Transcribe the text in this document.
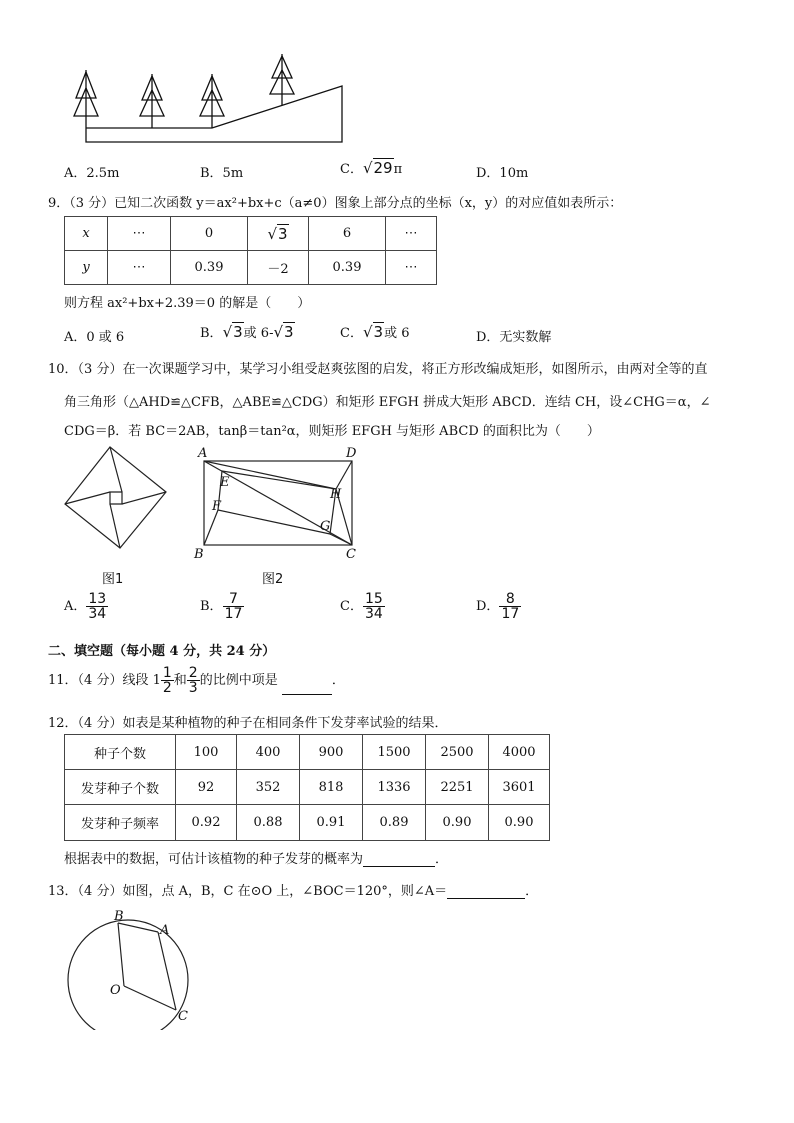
A．2.5m	B．5m	C．√29π	D．10m
9．（3 分）已知二次函数 y＝ax²+bx+c（a≠0）图象上部分点的坐标（x，y）的对应值如表所示：
x	⋯	0	√3	6	⋯
y	⋯	0.39	－2	0.39	⋯
则方程 ax²+bx+2.39＝0 的解是（　　）
A．0 或 6	B．√3或 6-√3	C．√3或 6	D．无实数解
10．（3 分）在一次课题学习中，某学习小组受赵爽弦图的启发，将正方形改编成矩形，如图所示，由两对全等的直
角三角形（△AHD≌△CFB，△ABE≌△CDG）和矩形 EFGH 拼成大矩形 ABCD．连结 CH，设∠CHG＝α，∠
CDG＝β．若 BC＝2AB，tanβ＝tan²α，则矩形 EFGH 与矩形 ABCD 的面积比为（　　）
A	D
E
H
F
G
B	C
图1	图2
A． $\frac{13}{34}$	B． $\frac{7}{17}$	C． $\frac{15}{34}$	D． $\frac{8}{17}$
二、填空题（每小题 4 分，共 24 分）
11．（4 分）线段 $1 \frac{1}{2}$ 和 $\frac{2}{3}$ 的比例中项是	．
12．（4 分）如表是某种植物的种子在相同条件下发芽率试验的结果．
种子个数	100	400	900	1500	2500	4000
发芽种子个数	92	352	818	1336	2251	3601
发芽种子频率	0.92	0.88	0.91	0.89	0.90	0.90
根据表中的数据，可估计该植物的种子发芽的概率为	．
13．（4 分）如图，点 A，B，C 在⊙O 上，∠BOC＝120°，则∠A＝	．
B
A
O
C
